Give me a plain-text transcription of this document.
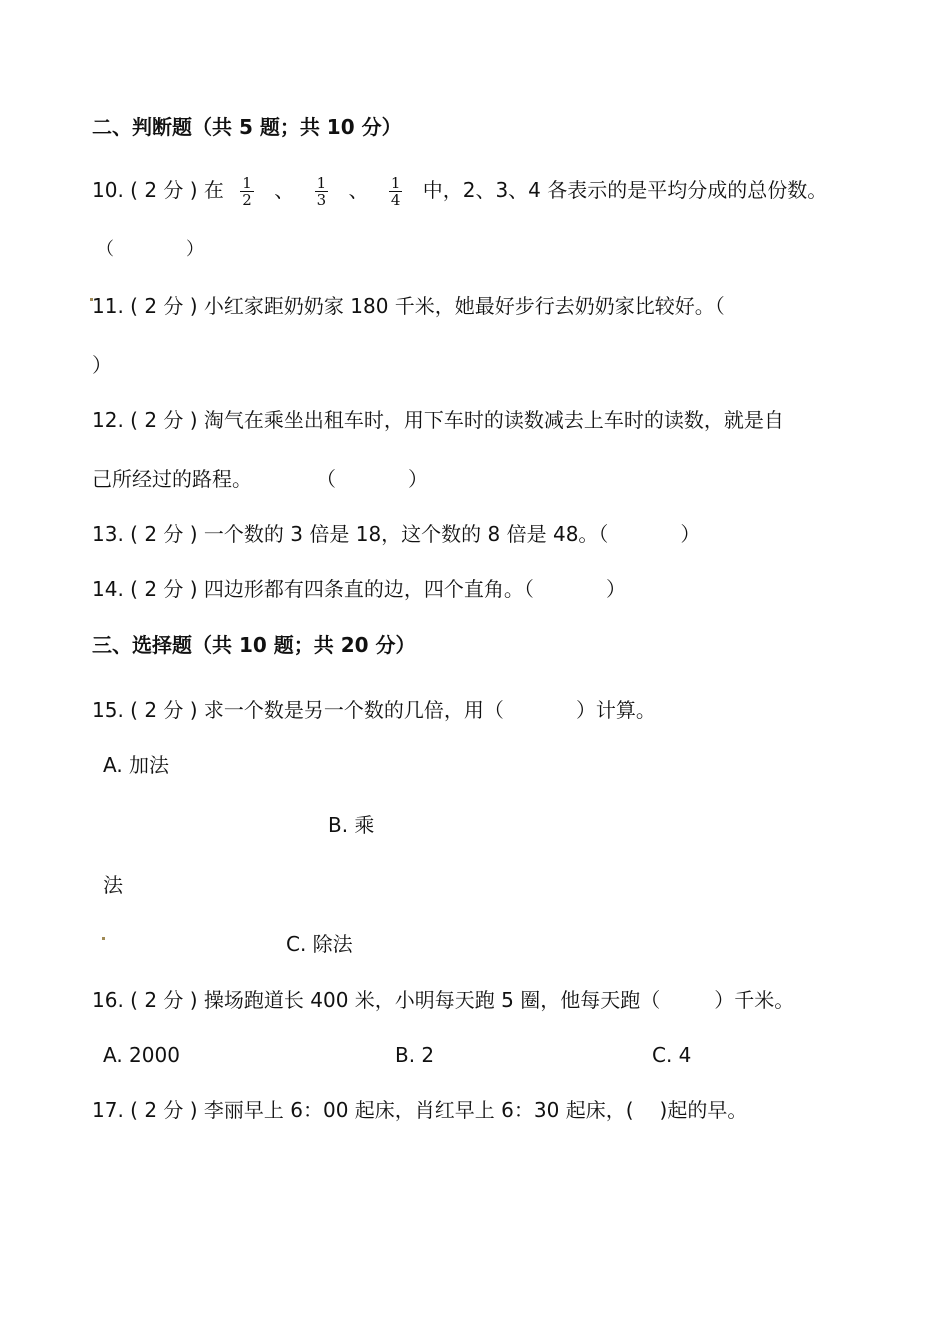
二、判断题（共 5 题；共 10 分）
10. ( 2 分 ) 在 $\frac{1}{2}$ 、 $\frac{1}{3}$ 、 $\frac{1}{4}$ 中，2、3、4 各表示的是平均分成的总份数。
（	）
11. ( 2 分 ) 小红家距奶奶家 180 千米，她最好步行去奶奶家比较好。（
）
12. ( 2 分 ) 淘气在乘坐出租车时，用下车时的读数减去上车时的读数，就是自
己所经过的路程。	（	）
13. ( 2 分 ) 一个数的 3 倍是 18，这个数的 8 倍是 48。（	）
14. ( 2 分 ) 四边形都有四条直的边，四个直角。（	）
三、选择题（共 10 题；共 20 分）
15. ( 2 分 ) 求一个数是另一个数的几倍，用（	）计算。
A. 加法
B. 乘
法
C. 除法
16. ( 2 分 ) 操场跑道长 400 米，小明每天跑 5 圈，他每天跑（	）千米。
A. 2000	B. 2	C. 4
17. ( 2 分 ) 李丽早上 6：00 起床，肖红早上 6：30 起床，( )起的早。
